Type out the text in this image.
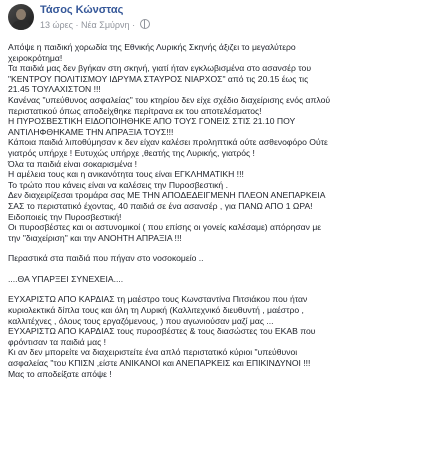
Τάσος Κώνστας
13 ώρες · Νέα Σμύρνη ·
Απόψε η παιδική χορωδία της Εθνικής Λυρικής Σκηνής άξιζει το μεγαλύτερο
χειροκρότημα!
Τα παιδιά μας δεν βγήκαν στη σκηνή, γιατί ήταν εγκλωβισμένα στο ασανσέρ του
"ΚΕΝΤΡΟΥ ΠΟΛΙΤΙΣΜΟΥ ΙΔΡΥΜΑ ΣΤΑΥΡΟΣ ΝΙΑΡΧΟΣ" από τις 20.15 έως τις
21.45 ΤΟΥΛΑΧΙΣΤΟΝ !!!
Κανένας "υπεύθυνος ασφαλείας" του κτηρίου δεν είχε σχέδιο διαχείρισης ενός απλού
περιστατικού όπως αποδείχθηκε περίτρανα εκ του αποτελέσματος!
Η ΠΥΡΟΣΒΕΣΤΙΚΗ ΕΙΔΟΠΟΙΗΘΗΚΕ ΑΠΟ ΤΟΥΣ ΓΟΝΕΙΣ ΣΤΙΣ 21.10 ΠΟΥ
ΑΝΤΙΛΗΦΘΗΚΑΜΕ ΤΗΝ ΑΠΡΑΞΙΑ ΤΟΥΣ!!!
Κάποια παιδιά λιποθύμησαν κ δεν είχαν καλέσει προληπτικά ούτε ασθενοφόρο Ούτε
γιατρός υπήρχε ! Ευτυχώς υπήρχε ,θεατής της Λυρικής, γιατρός !
Όλα τα παιδιά είναι σοκαρισμένα !
Η αμέλεια τους και η ανικανότητα τους είναι ΕΓΚΛΗΜΑΤΙΚΗ !!!
Το τρώτο που κάνεις είναι να καλέσεις την Πυροσβεστική .
Δεν διαχειρίζεσαι τρομάρα σας ΜΕ ΤΗΝ ΑΠΟΔΕΔΕΙΓΜΕΝΗ ΠΛΕΟΝ ΑΝΕΠΑΡΚΕΙΑ
ΣΑΣ το περιστατικό έχοντας, 40 παιδιά σε ένα ασανσέρ , για ΠΑΝΩ ΑΠΟ 1 ΩΡΑ!
Ειδοποιείς την Πυροσβεστική!
Οι πυροσβέστες και οι αστυνομικοί ( που επίσης οι γονείς καλέσαμε) απόρησαν με
την "διαχείριση" και την ΑΝΟΗΤΗ ΑΠΡΑΞΙΑ !!!
Περαστικά στα παιδιά που πήγαν στο νοσοκομείο ..
....ΘΑ ΥΠΑΡΞΕΙ ΣΥΝΕΧΕΙΑ....
ΕΥΧΑΡΙΣΤΩ ΑΠΟ ΚΑΡΔΙΑΣ τη μαέστρο τους Κωνσταντίνα Πιτσιάκου που ήταν
κυριολεκτικά δίπλα τους και όλη τη Λυρική (Καλλιτεχνικό διευθυντή , μαέστρο ,
καλλιτέχνες , όλους τους εργαζόμενους, ) που αγωνιούσαν μαζί μας ...
ΕΥΧΑΡΙΣΤΩ ΑΠΟ ΚΑΡΔΙΑΣ τους πυροσβέστες & τους διασώστες του ΕΚΑΒ που
φρόντισαν τα παιδιά μας !
Κι αν δεν μπορείτε να διαχειριστείτε ένα απλό περιστατικό κύριοι "υπεύθυνοι
ασφαλείας "του ΚΠΙΣΝ ,είστε ΑΝΙΚΑΝΟΙ και ΑΝΕΠΑΡΚΕΙΣ και ΕΠΙΚΙΝΔΥΝΟΙ !!!
Μας το αποδείξατε απόψε !
